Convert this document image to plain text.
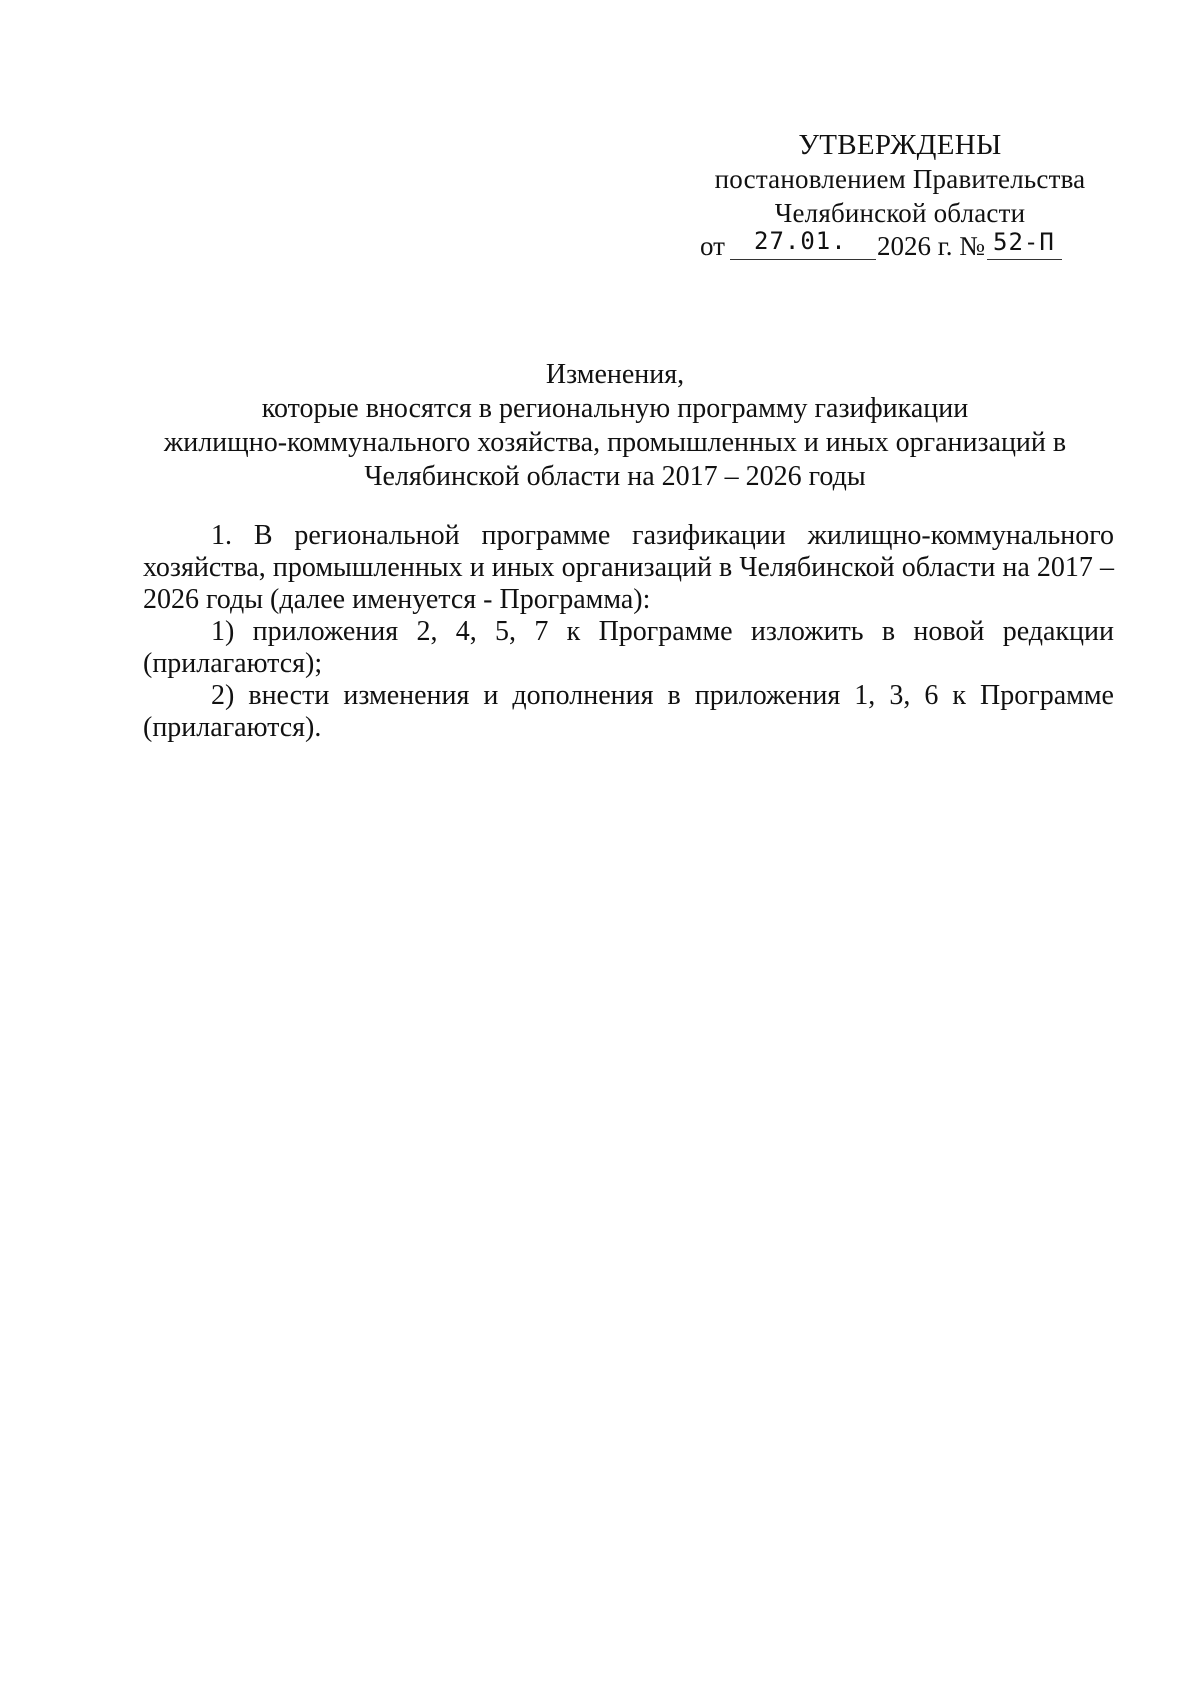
УТВЕРЖДЕНЫ
постановлением Правительства
Челябинской области
от 27.01. 2026 г. № 52-П
Изменения,
которые вносятся в региональную программу газификации
жилищно-коммунального хозяйства, промышленных и иных организаций в
Челябинской области на 2017 – 2026 годы

1. В региональной программе газификации жилищно-коммунального хозяйства, промышленных и иных организаций в Челябинской области на 2017 – 2026 годы (далее именуется - Программа):

1) приложения 2, 4, 5, 7 к Программе изложить в новой редакции (прилагаются);

2) внести изменения и дополнения в приложения 1, 3, 6 к Программе (прилагаются).
